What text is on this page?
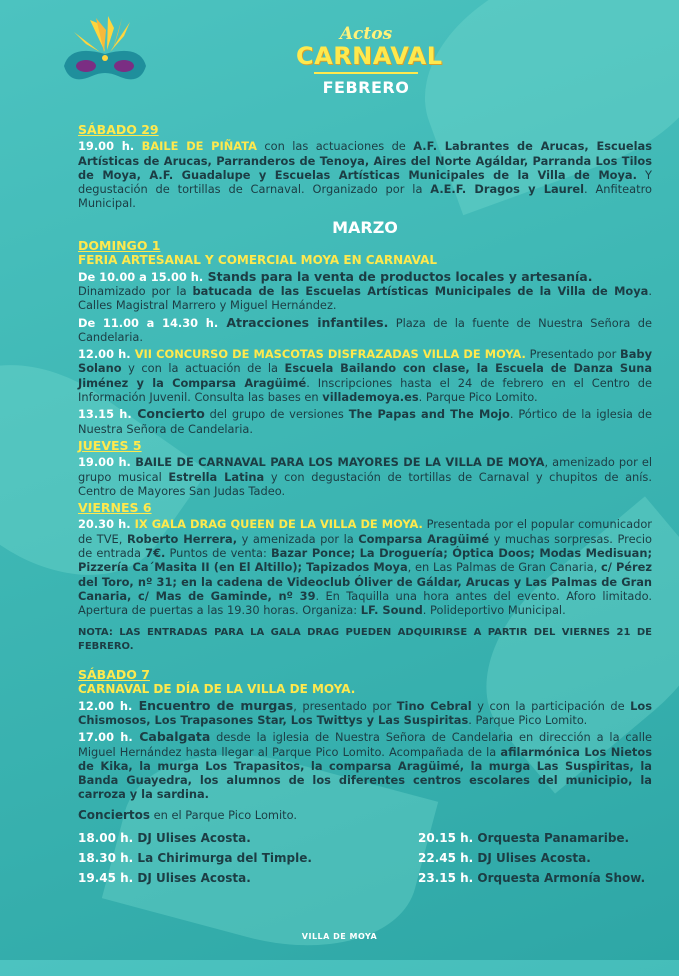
Actos
CARNAVAL
FEBRERO
SÁBADO 29
19.00 h. BAILE DE PIÑATA con las actuaciones de A.F. Labrantes de Arucas, Escuelas Artísticas de Arucas, Parranderos de Tenoya, Aires del Norte Agáldar, Parranda Los Tilos de Moya, A.F. Guadalupe y Escuelas Artísticas Municipales de la Villa de Moya. Y degustación de tortillas de Carnaval. Organizado por la A.E.F. Dragos y Laurel. Anfiteatro Municipal.
MARZO
DOMINGO 1
FERIA ARTESANAL Y COMERCIAL MOYA EN CARNAVAL
De 10.00 a 15.00 h. Stands para la venta de productos locales y artesanía.
Dinamizado por la batucada de las Escuelas Artísticas Municipales de la Villa de Moya. Calles Magistral Marrero y Miguel Hernández.
De 11.00 a 14.30 h. Atracciones infantiles. Plaza de la fuente de Nuestra Señora de Candelaria.
12.00 h. VII CONCURSO DE MASCOTAS DISFRAZADAS VILLA DE MOYA. Presentado por Baby Solano y con la actuación de la Escuela Bailando con clase, la Escuela de Danza Suna Jiménez y la Comparsa Aragüimé. Inscripciones hasta el 24 de febrero en el Centro de Información Juvenil. Consulta las bases en villademoya.es. Parque Pico Lomito.
13.15 h. Concierto del grupo de versiones The Papas and The Mojo. Pórtico de la iglesia de Nuestra Señora de Candelaria.
JUEVES 5
19.00 h. BAILE DE CARNAVAL PARA LOS MAYORES DE LA VILLA DE MOYA, amenizado por el grupo musical Estrella Latina y con degustación de tortillas de Carnaval y chupitos de anís. Centro de Mayores San Judas Tadeo.
VIERNES 6
20.30 h. IX GALA DRAG QUEEN DE LA VILLA DE MOYA. Presentada por el popular comunicador de TVE, Roberto Herrera, y amenizada por la Comparsa Aragüimé y muchas sorpresas. Precio de entrada 7€. Puntos de venta: Bazar Ponce; La Droguería; Óptica Doos; Modas Medisuan; Pizzería Ca´Masita II (en El Altillo); Tapizados Moya, en Las Palmas de Gran Canaria, c/ Pérez del Toro, nº 31; en la cadena de Videoclub Óliver de Gáldar, Arucas y Las Palmas de Gran Canaria, c/ Mas de Gaminde, nº 39. En Taquilla una hora antes del evento. Aforo limitado. Apertura de puertas a las 19.30 horas. Organiza: LF. Sound. Polideportivo Municipal.
NOTA: LAS ENTRADAS PARA LA GALA DRAG PUEDEN ADQUIRIRSE A PARTIR DEL VIERNES 21 DE FEBRERO.
SÁBADO 7
CARNAVAL DE DÍA DE LA VILLA DE MOYA.
12.00 h. Encuentro de murgas, presentado por Tino Cebral y con la participación de Los Chismosos, Los Trapasones Star, Los Twittys y Las Suspiritas. Parque Pico Lomito.
17.00 h. Cabalgata desde la iglesia de Nuestra Señora de Candelaria en dirección a la calle Miguel Hernández hasta llegar al Parque Pico Lomito. Acompañada de la afilarmónica Los Nietos de Kika, la murga Los Trapasitos, la comparsa Aragüimé, la murga Las Suspiritas, la Banda Guayedra, los alumnos de los diferentes centros escolares del municipio, la carroza y la sardina.
Conciertos en el Parque Pico Lomito.
18.00 h. DJ Ulises Acosta.
18.30 h. La Chirimurga del Timple.
19.45 h. DJ Ulises Acosta.
20.15 h. Orquesta Panamaribe.
22.45 h. DJ Ulises Acosta.
23.15 h. Orquesta Armonía Show.
VILLA DE MOYA
